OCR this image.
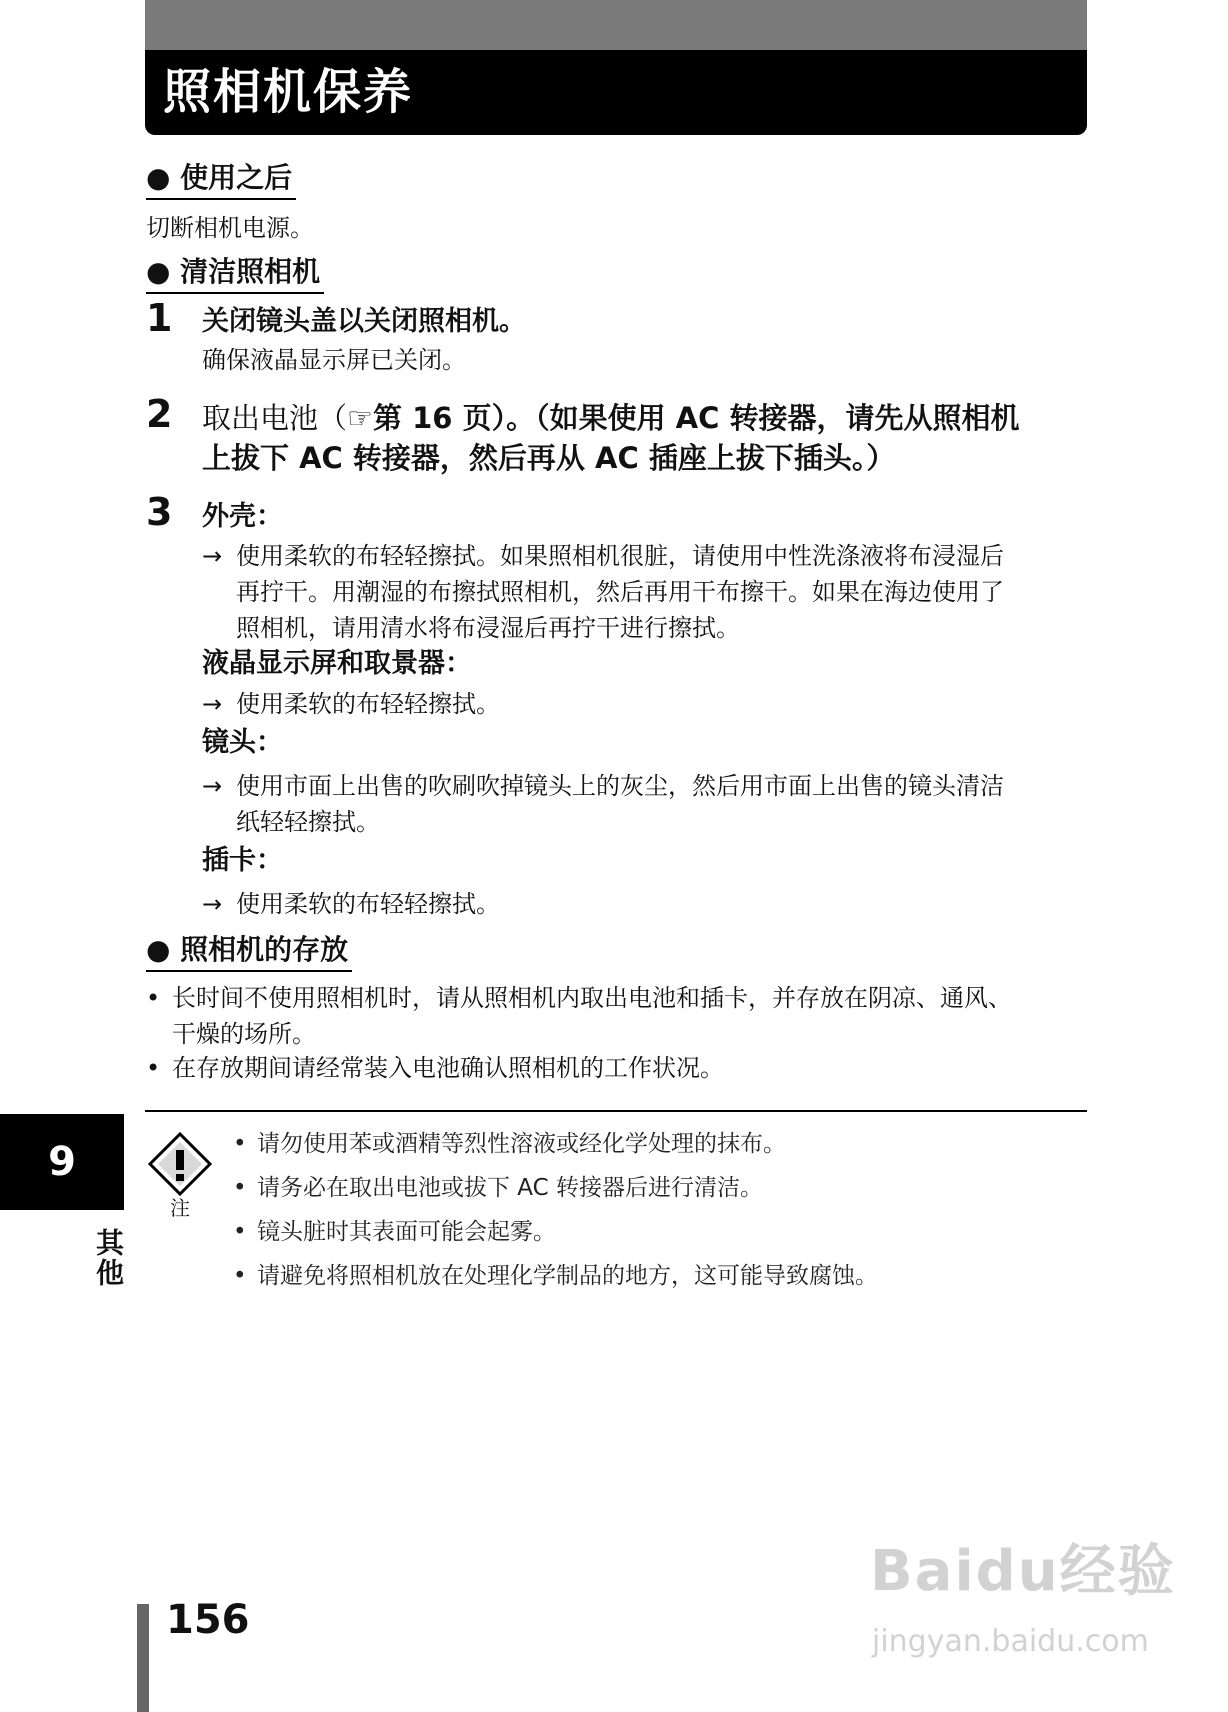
照相机保养
● 使用之后
切断相机电源。
● 清洁照相机
1 关闭镜头盖以关闭照相机。
确保液晶显示屏已关闭。
2 取出电池（☞第 16 页）。（如果使用 AC 转接器，请先从照相机
上拔下 AC 转接器，然后再从 AC 插座上拔下插头。）
3 外壳：
→ 使用柔软的布轻轻擦拭。如果照相机很脏，请使用中性洗涤液将布浸湿后
再拧干。用潮湿的布擦拭照相机，然后再用干布擦干。如果在海边使用了
照相机，请用清水将布浸湿后再拧干进行擦拭。
液晶显示屏和取景器：
→ 使用柔软的布轻轻擦拭。
镜头：
→ 使用市面上出售的吹刷吹掉镜头上的灰尘，然后用市面上出售的镜头清洁
纸轻轻擦拭。
插卡：
→ 使用柔软的布轻轻擦拭。
● 照相机的存放
• 长时间不使用照相机时，请从照相机内取出电池和插卡，并存放在阴凉、通风、
干燥的场所。
• 在存放期间请经常装入电池确认照相机的工作状况。
注
• 请勿使用苯或酒精等烈性溶液或经化学处理的抹布。
• 请务必在取出电池或拔下 AC 转接器后进行清洁。
• 镜头脏时其表面可能会起雾。
• 请避免将照相机放在处理化学制品的地方，这可能导致腐蚀。
9
其他
156
Baidu经验
jingyan.baidu.com
